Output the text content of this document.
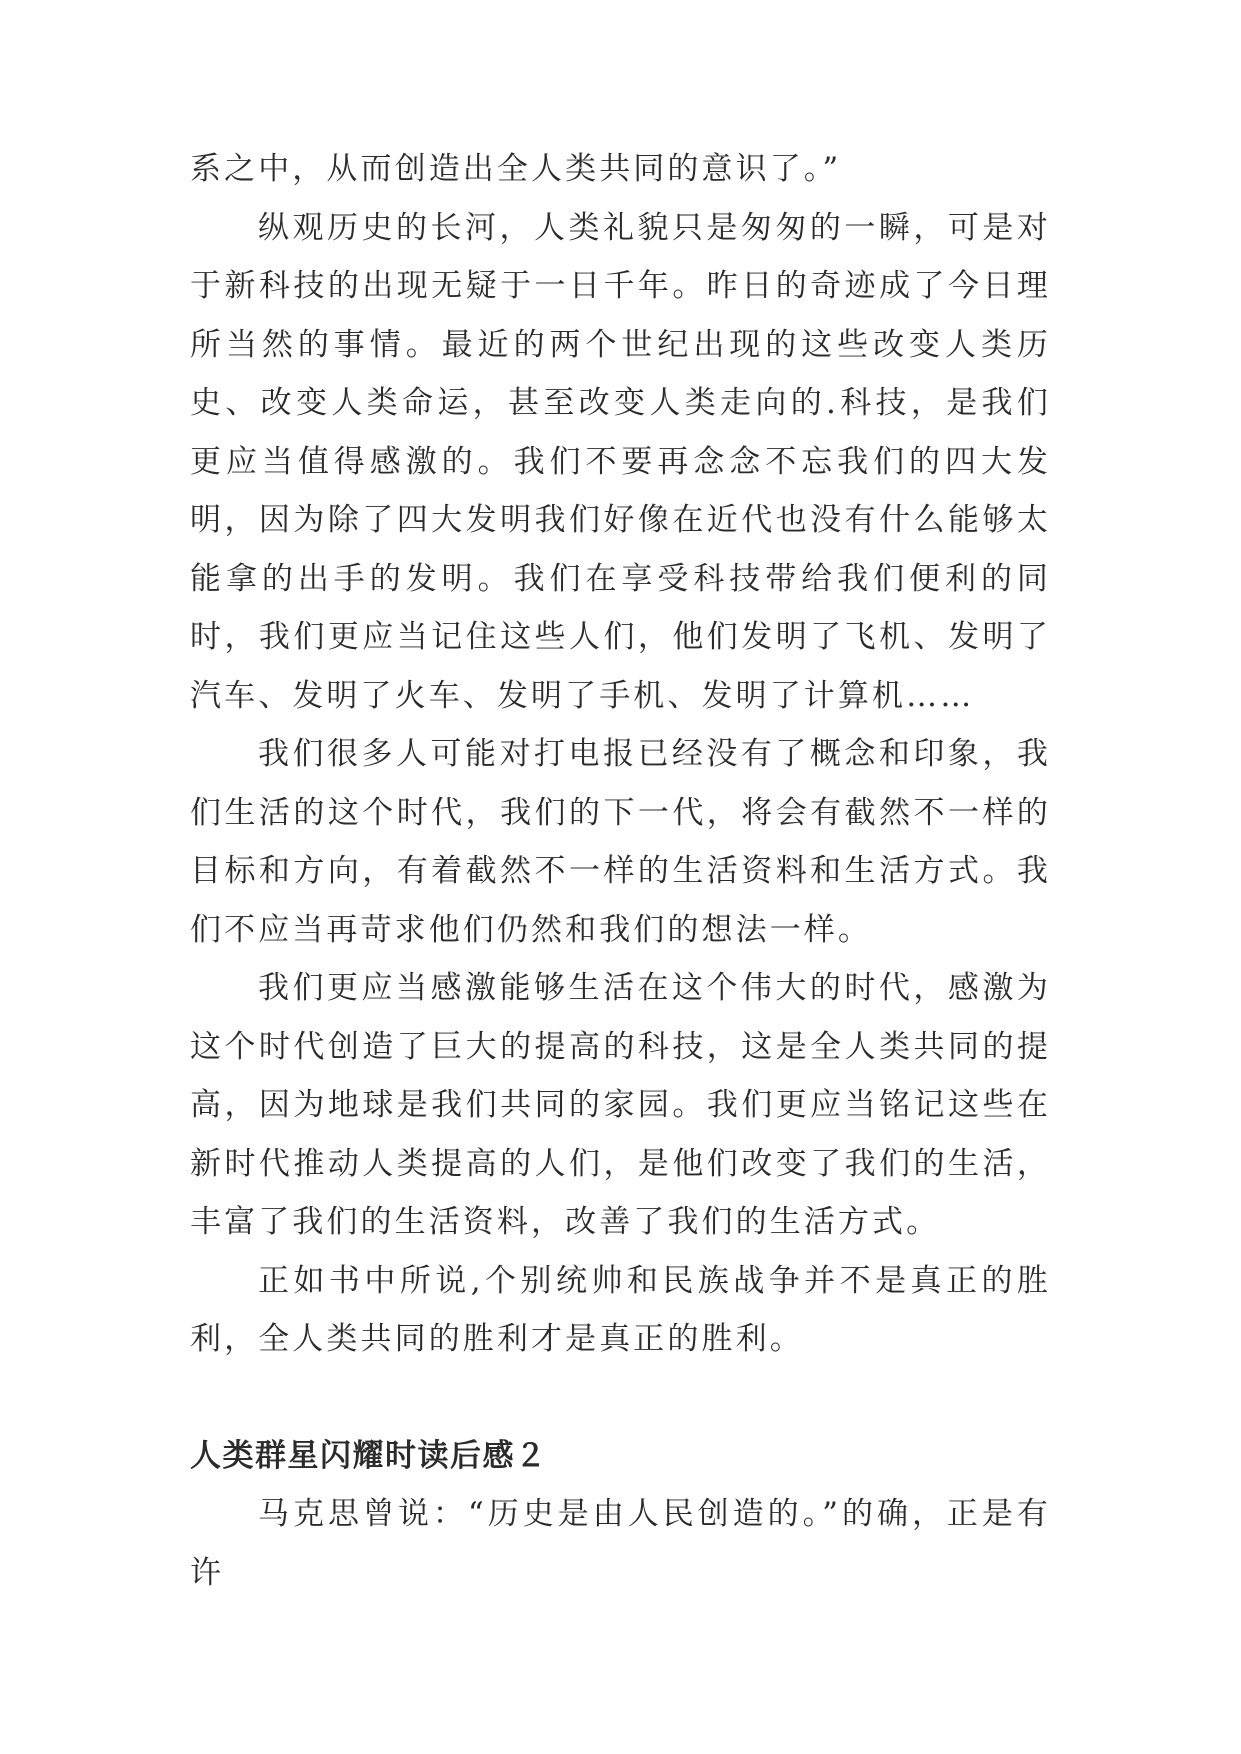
系之中，从而创造出全人类共同的意识了。”

纵观历史的长河，人类礼貌只是匆匆的一瞬，可是对于新科技的出现无疑于一日千年。昨日的奇迹成了今日理所当然的事情。最近的两个世纪出现的这些改变人类历史、改变人类命运，甚至改变人类走向的.科技，是我们更应当值得感激的。我们不要再念念不忘我们的四大发明，因为除了四大发明我们好像在近代也没有什么能够太能拿的出手的发明。我们在享受科技带给我们便利的同时，我们更应当记住这些人们，他们发明了飞机、发明了汽车、发明了火车、发明了手机、发明了计算机……

我们很多人可能对打电报已经没有了概念和印象，我们生活的这个时代，我们的下一代，将会有截然不一样的目标和方向，有着截然不一样的生活资料和生活方式。我们不应当再苛求他们仍然和我们的想法一样。

我们更应当感激能够生活在这个伟大的时代，感激为这个时代创造了巨大的提高的科技，这是全人类共同的提高，因为地球是我们共同的家园。我们更应当铭记这些在新时代推动人类提高的人们，是他们改变了我们的生活，丰富了我们的生活资料，改善了我们的生活方式。

正如书中所说,个别统帅和民族战争并不是真正的胜利，全人类共同的胜利才是真正的胜利。

人类群星闪耀时读后感２

马克思曾说：“历史是由人民创造的。”的确，正是有许
